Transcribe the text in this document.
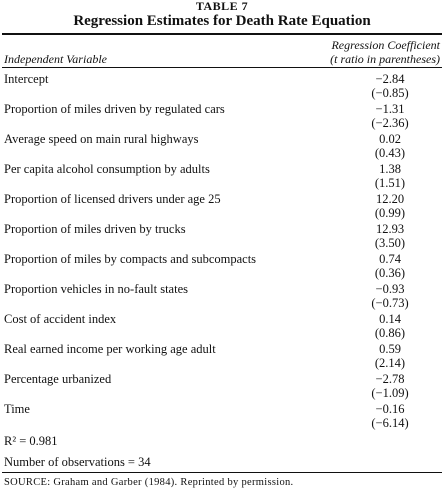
TABLE 7
Regression Estimates for Death Rate Equation
Independent Variable
Regression Coefficient
(t ratio in parentheses)
Intercept	−2.84
(−0.85)
Proportion of miles driven by regulated cars	−1.31
(−2.36)
Average speed on main rural highways	0.02
(0.43)
Per capita alcohol consumption by adults	1.38
(1.51)
Proportion of licensed drivers under age 25	12.20
(0.99)
Proportion of miles driven by trucks	12.93
(3.50)
Proportion of miles by compacts and subcompacts	0.74
(0.36)
Proportion vehicles in no-fault states	−0.93
(−0.73)
Cost of accident index	0.14
(0.86)
Real earned income per working age adult	0.59
(2.14)
Percentage urbanized	−2.78
(−1.09)
Time	−0.16
(−6.14)
R² = 0.981
Number of observations = 34
SOURCE: Graham and Garber (1984). Reprinted by permission.
